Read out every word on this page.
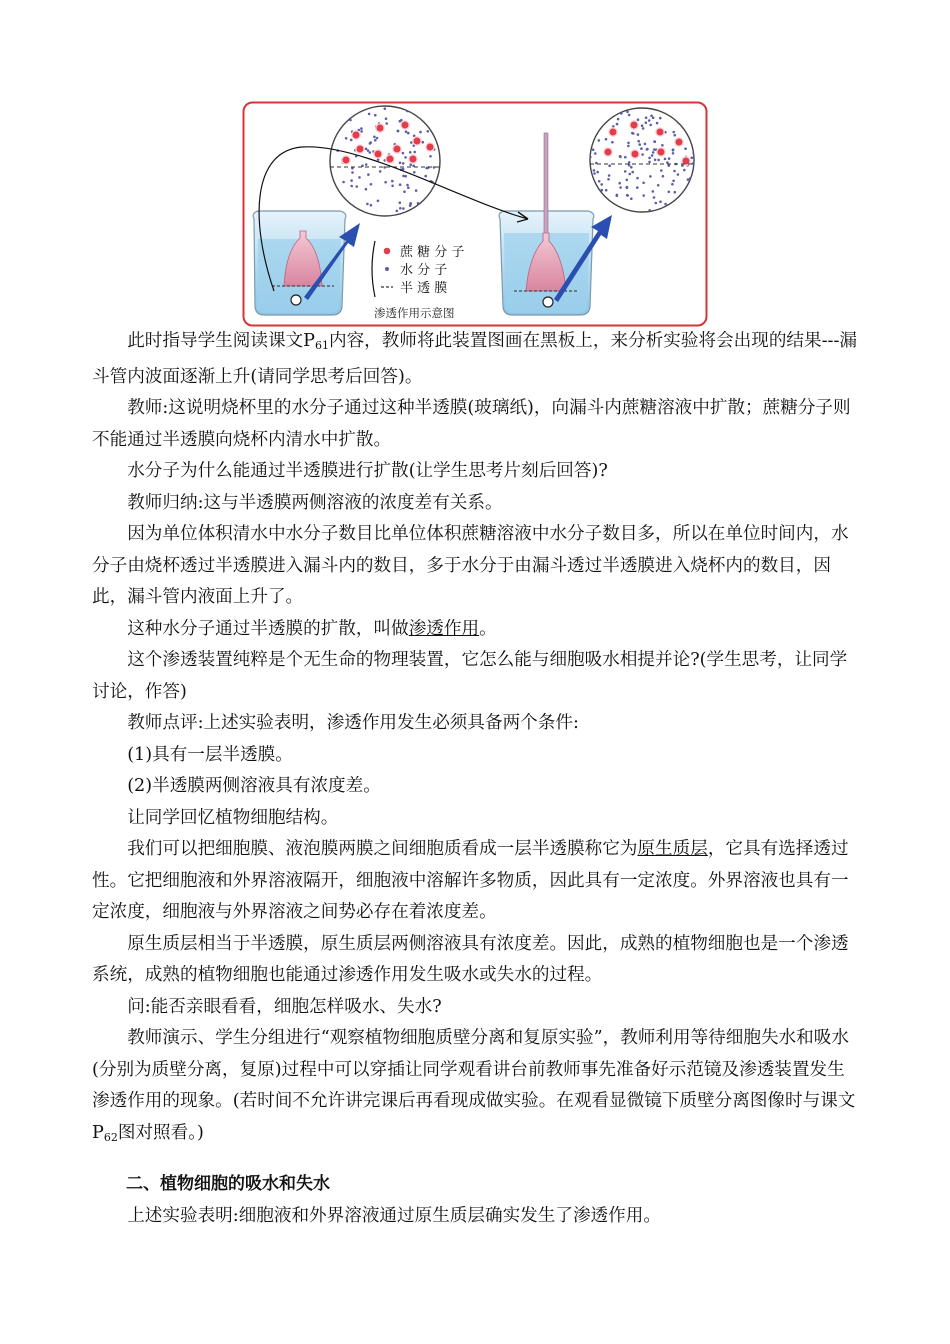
蔗 糖 分 子
水 分 子
半 透 膜
渗透作用示意图

此时指导学生阅读课文$P_{61}$内容，教师将此装置图画在黑板上，来分析实验将会出现的结果---漏斗管内波面逐渐上升(请同学思考后回答)。

教师:这说明烧杯里的水分子通过这种半透膜(玻璃纸)，向漏斗内蔗糖溶液中扩散；蔗糖分子则不能通过半透膜向烧杯内清水中扩散。

水分子为什么能通过半透膜进行扩散(让学生思考片刻后回答)?

教师归纳:这与半透膜两侧溶液的浓度差有关系。

因为单位体积清水中水分子数目比单位体积蔗糖溶液中水分子数目多，所以在单位时间内，水分子由烧杯透过半透膜进入漏斗内的数目，多于水分于由漏斗透过半透膜进入烧杯内的数目，因此，漏斗管内液面上升了。

这种水分子通过半透膜的扩散，叫做渗透作用。

这个渗透装置纯粹是个无生命的物理装置，它怎么能与细胞吸水相提并论?(学生思考，让同学讨论，作答)

教师点评:上述实验表明，渗透作用发生必须具备两个条件:

(1)具有一层半透膜。

(2)半透膜两侧溶液具有浓度差。

让同学回忆植物细胞结构。

我们可以把细胞膜、液泡膜两膜之间细胞质看成一层半透膜称它为原生质层，它具有选择透过性。它把细胞液和外界溶液隔开，细胞液中溶解许多物质，因此具有一定浓度。外界溶液也具有一定浓度，细胞液与外界溶液之间势必存在着浓度差。

原生质层相当于半透膜，原生质层两侧溶液具有浓度差。因此，成熟的植物细胞也是一个渗透系统，成熟的植物细胞也能通过渗透作用发生吸水或失水的过程。

问:能否亲眼看看，细胞怎样吸水、失水?

教师演示、学生分组进行“观察植物细胞质壁分离和复原实验”，教师利用等待细胞失水和吸水(分别为质壁分离，复原)过程中可以穿插让同学观看讲台前教师事先准备好示范镜及渗透装置发生渗透作用的现象。(若时间不允许讲完课后再看现成做实验。在观看显微镜下质壁分离图像时与课文$P_{62}$图对照看。)

二、植物细胞的吸水和失水

上述实验表明:细胞液和外界溶液通过原生质层确实发生了渗透作用。
